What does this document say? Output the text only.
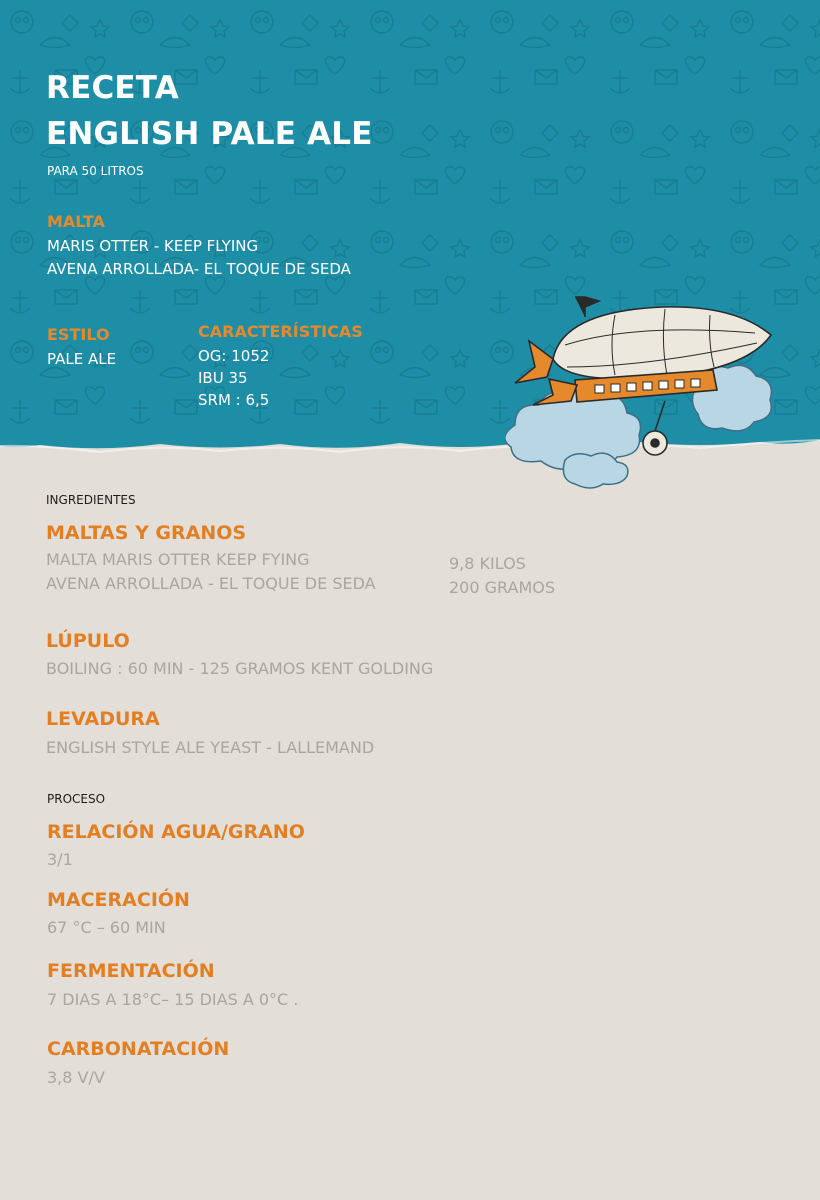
RECETA
ENGLISH PALE ALE
PARA 50 LITROS
MALTA
MARIS OTTER - KEEP FLYING
AVENA ARROLLADA- EL TOQUE DE SEDA
ESTILO
PALE ALE
CARACTERÍSTICAS
OG: 1052
IBU 35
SRM : 6,5
INGREDIENTES
MALTAS Y GRANOS
MALTA MARIS OTTER KEEP FYING
AVENA ARROLLADA - EL TOQUE DE SEDA
9,8 KILOS
200 GRAMOS
LÚPULO
BOILING : 60 MIN - 125 GRAMOS KENT GOLDING
LEVADURA
ENGLISH STYLE ALE YEAST - LALLEMAND
PROCESO
RELACIÓN AGUA/GRANO
3/1
MACERACIÓN
67 °C – 60 MIN
FERMENTACIÓN
7 DIAS A 18°C– 15 DIAS A 0°C .
CARBONATACIÓN
3,8 V/V
